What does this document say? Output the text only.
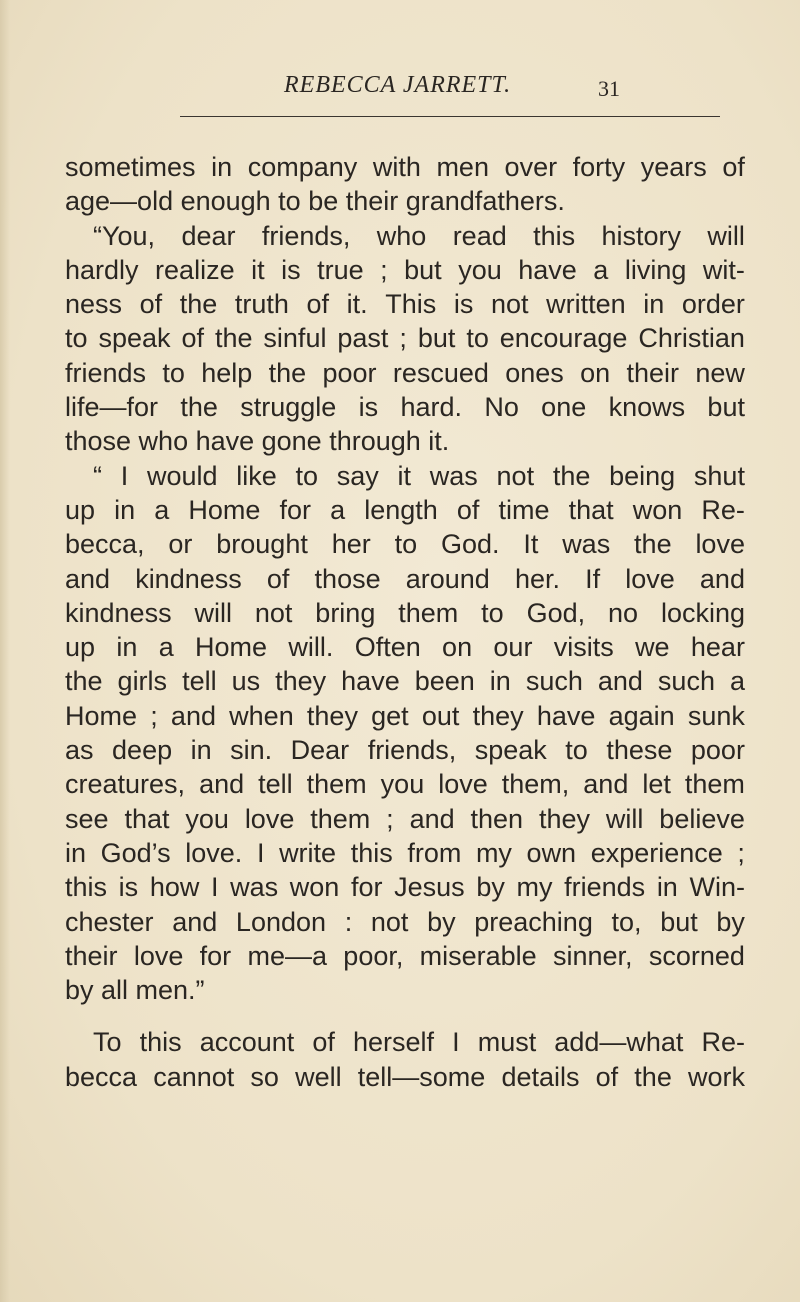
REBECCA JARRETT.	31
sometimes in company with men over forty years of
age—old enough to be their grandfathers.
“You, dear friends, who read this history will
hardly realize it is true ; but you have a living wit-
ness of the truth of it. This is not written in order
to speak of the sinful past ; but to encourage Christian
friends to help the poor rescued ones on their new
life—for the struggle is hard. No one knows but
those who have gone through it.
“ I would like to say it was not the being shut
up in a Home for a length of time that won Re-
becca, or brought her to God. It was the love
and kindness of those around her. If love and
kindness will not bring them to God, no locking
up in a Home will. Often on our visits we hear
the girls tell us they have been in such and such a
Home ; and when they get out they have again sunk
as deep in sin. Dear friends, speak to these poor
creatures, and tell them you love them, and let them
see that you love them ; and then they will believe
in God’s love. I write this from my own experience ;
this is how I was won for Jesus by my friends in Win-
chester and London : not by preaching to, but by
their love for me—a poor, miserable sinner, scorned
by all men.”
To this account of herself I must add—what Re-
becca cannot so well tell—some details of the work
